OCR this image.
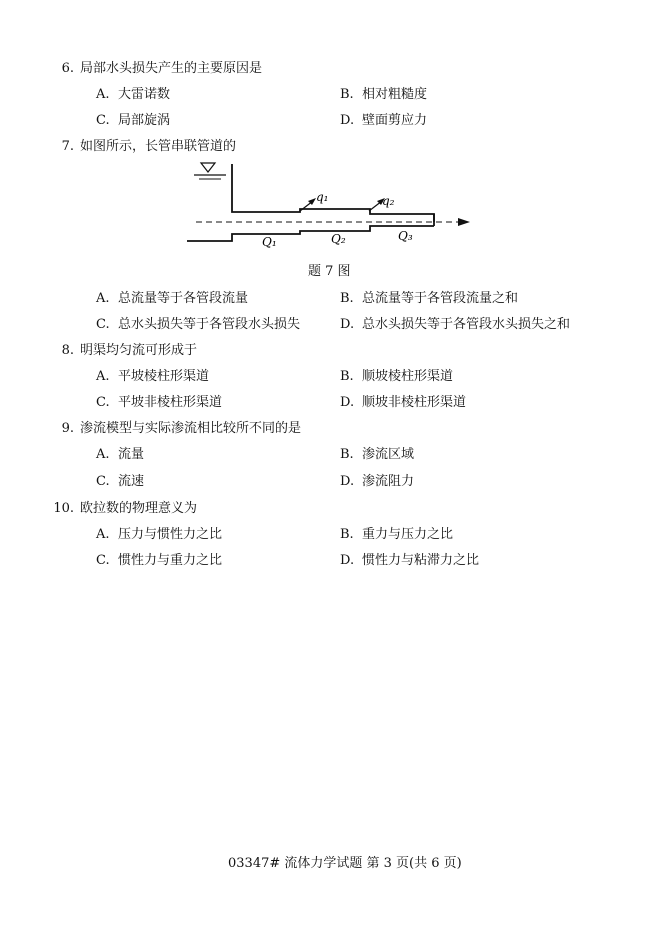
6. 局部水头损失产生的主要原因是
A. 大雷诺数	B. 相对粗糙度
C. 局部旋涡	D. 壁面剪应力
7. 如图所示，长管串联管道的
q₁	q₂
Q₁	Q₂	Q₃
题 7 图
A. 总流量等于各管段流量	B. 总流量等于各管段流量之和
C. 总水头损失等于各管段水头损失	D. 总水头损失等于各管段水头损失之和
8. 明渠均匀流可形成于
A. 平坡棱柱形渠道	B. 顺坡棱柱形渠道
C. 平坡非棱柱形渠道	D. 顺坡非棱柱形渠道
9. 渗流模型与实际渗流相比较所不同的是
A. 流量	B. 渗流区域
C. 流速	D. 渗流阻力
10. 欧拉数的物理意义为
A. 压力与惯性力之比	B. 重力与压力之比
C. 惯性力与重力之比	D. 惯性力与粘滞力之比
03347# 流体力学试题 第 3 页(共 6 页)
